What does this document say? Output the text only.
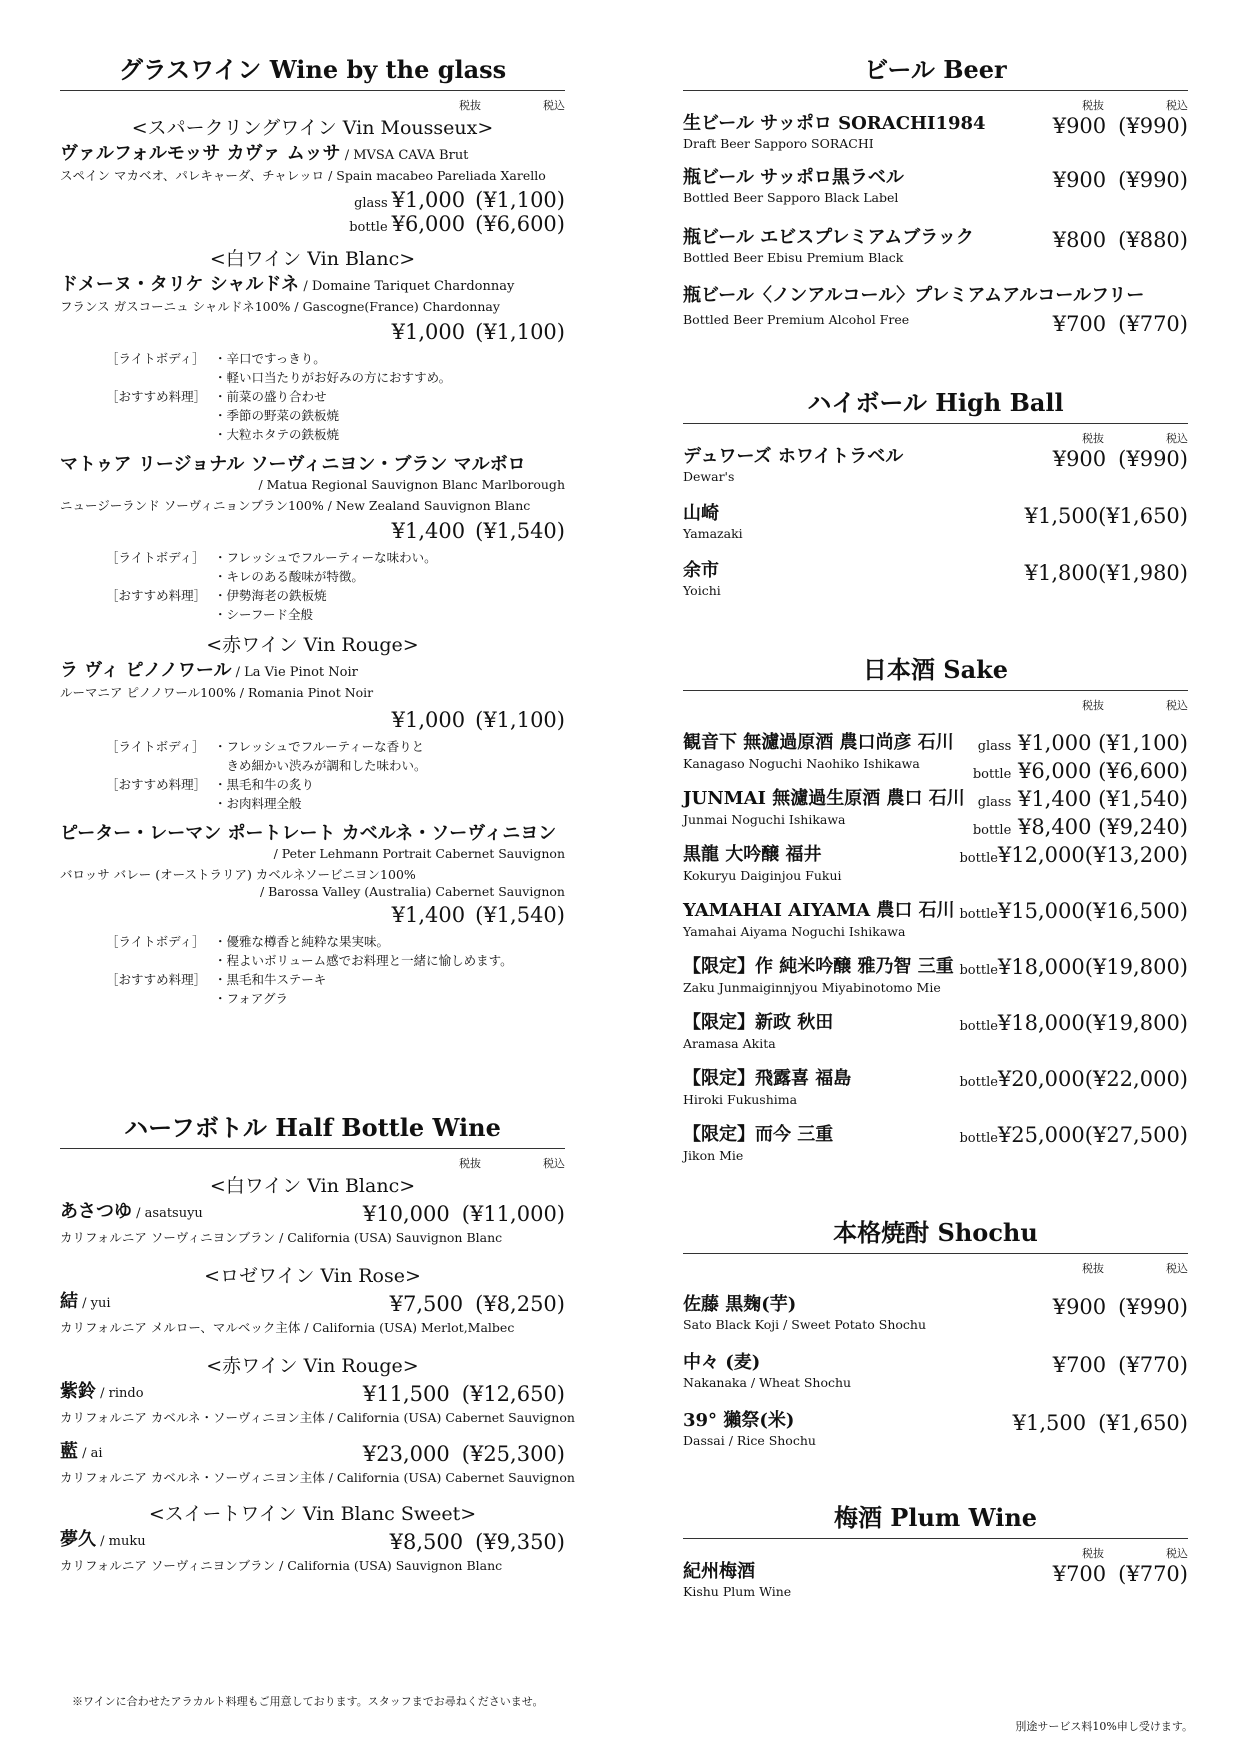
グラスワイン Wine by the glass
税抜	税込
<スパークリングワイン Vin Mousseux>
ヴァルフォルモッサ カヴァ ムッサ / MVSA CAVA Brut
スペイン マカベオ、パレキャーダ、チャレッロ / Spain macabeo Pareliada Xarello
glass ¥1,000 (¥1,100)
bottle ¥6,000 (¥6,600)
<白ワイン Vin Blanc>
ドメーヌ・タリケ シャルドネ / Domaine Tariquet Chardonnay
フランス ガスコーニュ シャルドネ100% / Gascogne(France) Chardonnay
¥1,000 (¥1,100)
［ライトボディ］ ・辛口ですっきり。
・軽い口当たりがお好みの方におすすめ。
［おすすめ料理］ ・前菜の盛り合わせ
・季節の野菜の鉄板焼
・大粒ホタテの鉄板焼
マトゥア リージョナル ソーヴィニヨン・ブラン マルボロ
/ Matua Regional Sauvignon Blanc Marlborough
ニュージーランド ソーヴィニョンブラン100% / New Zealand Sauvignon Blanc
¥1,400 (¥1,540)
［ライトボディ］ ・フレッシュでフルーティーな味わい。
・キレのある酸味が特徴。
［おすすめ料理］ ・伊勢海老の鉄板焼
・シーフード全般
<赤ワイン Vin Rouge>
ラ ヴィ ピノノワール / La Vie Pinot Noir
ルーマニア ピノノワール100% / Romania Pinot Noir
¥1,000 (¥1,100)
［ライトボディ］ ・フレッシュでフルーティーな香りと
　きめ細かい渋みが調和した味わい。
［おすすめ料理］ ・黒毛和牛の炙り
・お肉料理全般
ピーター・レーマン ポートレート カベルネ・ソーヴィニヨン
/ Peter Lehmann Portrait Cabernet Sauvignon
バロッサ バレー (オーストラリア) カベルネソービニヨン100%
/ Barossa Valley (Australia) Cabernet Sauvignon
¥1,400 (¥1,540)
［ライトボディ］ ・優雅な樽香と純粋な果実味。
・程よいボリューム感でお料理と一緒に愉しめます。
［おすすめ料理］ ・黒毛和牛ステーキ
・フォアグラ
ハーフボトル Half Bottle Wine
税抜	税込
<白ワイン Vin Blanc>
あさつゆ / asatsuyu	¥10,000 (¥11,000)
カリフォルニア ソーヴィニヨンブラン / California (USA) Sauvignon Blanc
<ロゼワイン Vin Rose>
結 / yui	¥7,500 (¥8,250)
カリフォルニア メルロー、マルベック主体 / California (USA) Merlot,Malbec
<赤ワイン Vin Rouge>
紫鈴 / rindo	¥11,500 (¥12,650)
カリフォルニア カベルネ・ソーヴィニヨン主体 / California (USA) Cabernet Sauvignon
藍 / ai	¥23,000 (¥25,300)
カリフォルニア カベルネ・ソーヴィニヨン主体 / California (USA) Cabernet Sauvignon
<スイートワイン Vin Blanc Sweet>
夢久 / muku	¥8,500 (¥9,350)
カリフォルニア ソーヴィニヨンブラン / California (USA) Sauvignon Blanc
ビール Beer
税抜	税込
生ビール サッポロ SORACHI1984
Draft Beer Sapporo SORACHI
¥900 (¥990)
瓶ビール サッポロ黒ラベル
Bottled Beer Sapporo Black Label
¥900 (¥990)
瓶ビール エビスプレミアムブラック
Bottled Beer Ebisu Premium Black
¥800 (¥880)
瓶ビール〈ノンアルコール〉プレミアムアルコールフリー
Bottled Beer Premium Alcohol Free	¥700 (¥770)
ハイボール High Ball
税抜	税込
デュワーズ ホワイトラベル
Dewar's
¥900 (¥990)
山崎
Yamazaki
¥1,500(¥1,650)
余市
Yoichi
¥1,800(¥1,980)
日本酒 Sake
税抜	税込
観音下 無濾過原酒 農口尚彦 石川
Kanagaso Noguchi Naohiko Ishikawa
glass ¥1,000 (¥1,100)
bottle ¥6,000 (¥6,600)
JUNMAI 無濾過生原酒 農口 石川
Junmai Noguchi Ishikawa
glass ¥1,400 (¥1,540)
bottle ¥8,400 (¥9,240)
黒龍 大吟醸 福井
Kokuryu Daiginjou Fukui
bottle¥12,000(¥13,200)
YAMAHAI AIYAMA 農口 石川
Yamahai Aiyama Noguchi Ishikawa
bottle¥15,000(¥16,500)
【限定】作 純米吟醸 雅乃智 三重
Zaku Junmaiginnjyou Miyabinotomo Mie
bottle¥18,000(¥19,800)
【限定】新政 秋田
Aramasa Akita
bottle¥18,000(¥19,800)
【限定】飛露喜 福島
Hiroki Fukushima
bottle¥20,000(¥22,000)
【限定】而今 三重
Jikon Mie
bottle¥25,000(¥27,500)
本格焼酎 Shochu
税抜	税込
佐藤 黒麹(芋)
Sato Black Koji / Sweet Potato Shochu
¥900 (¥990)
中々 (麦)
Nakanaka / Wheat Shochu
¥700 (¥770)
39° 獺祭(米)
Dassai / Rice Shochu
¥1,500 (¥1,650)
梅酒 Plum Wine
税抜	税込
紀州梅酒
Kishu Plum Wine
¥700 (¥770)
※ワインに合わせたアラカルト料理もご用意しております。スタッフまでお尋ねくださいませ。
別途サービス料10%申し受けます。
